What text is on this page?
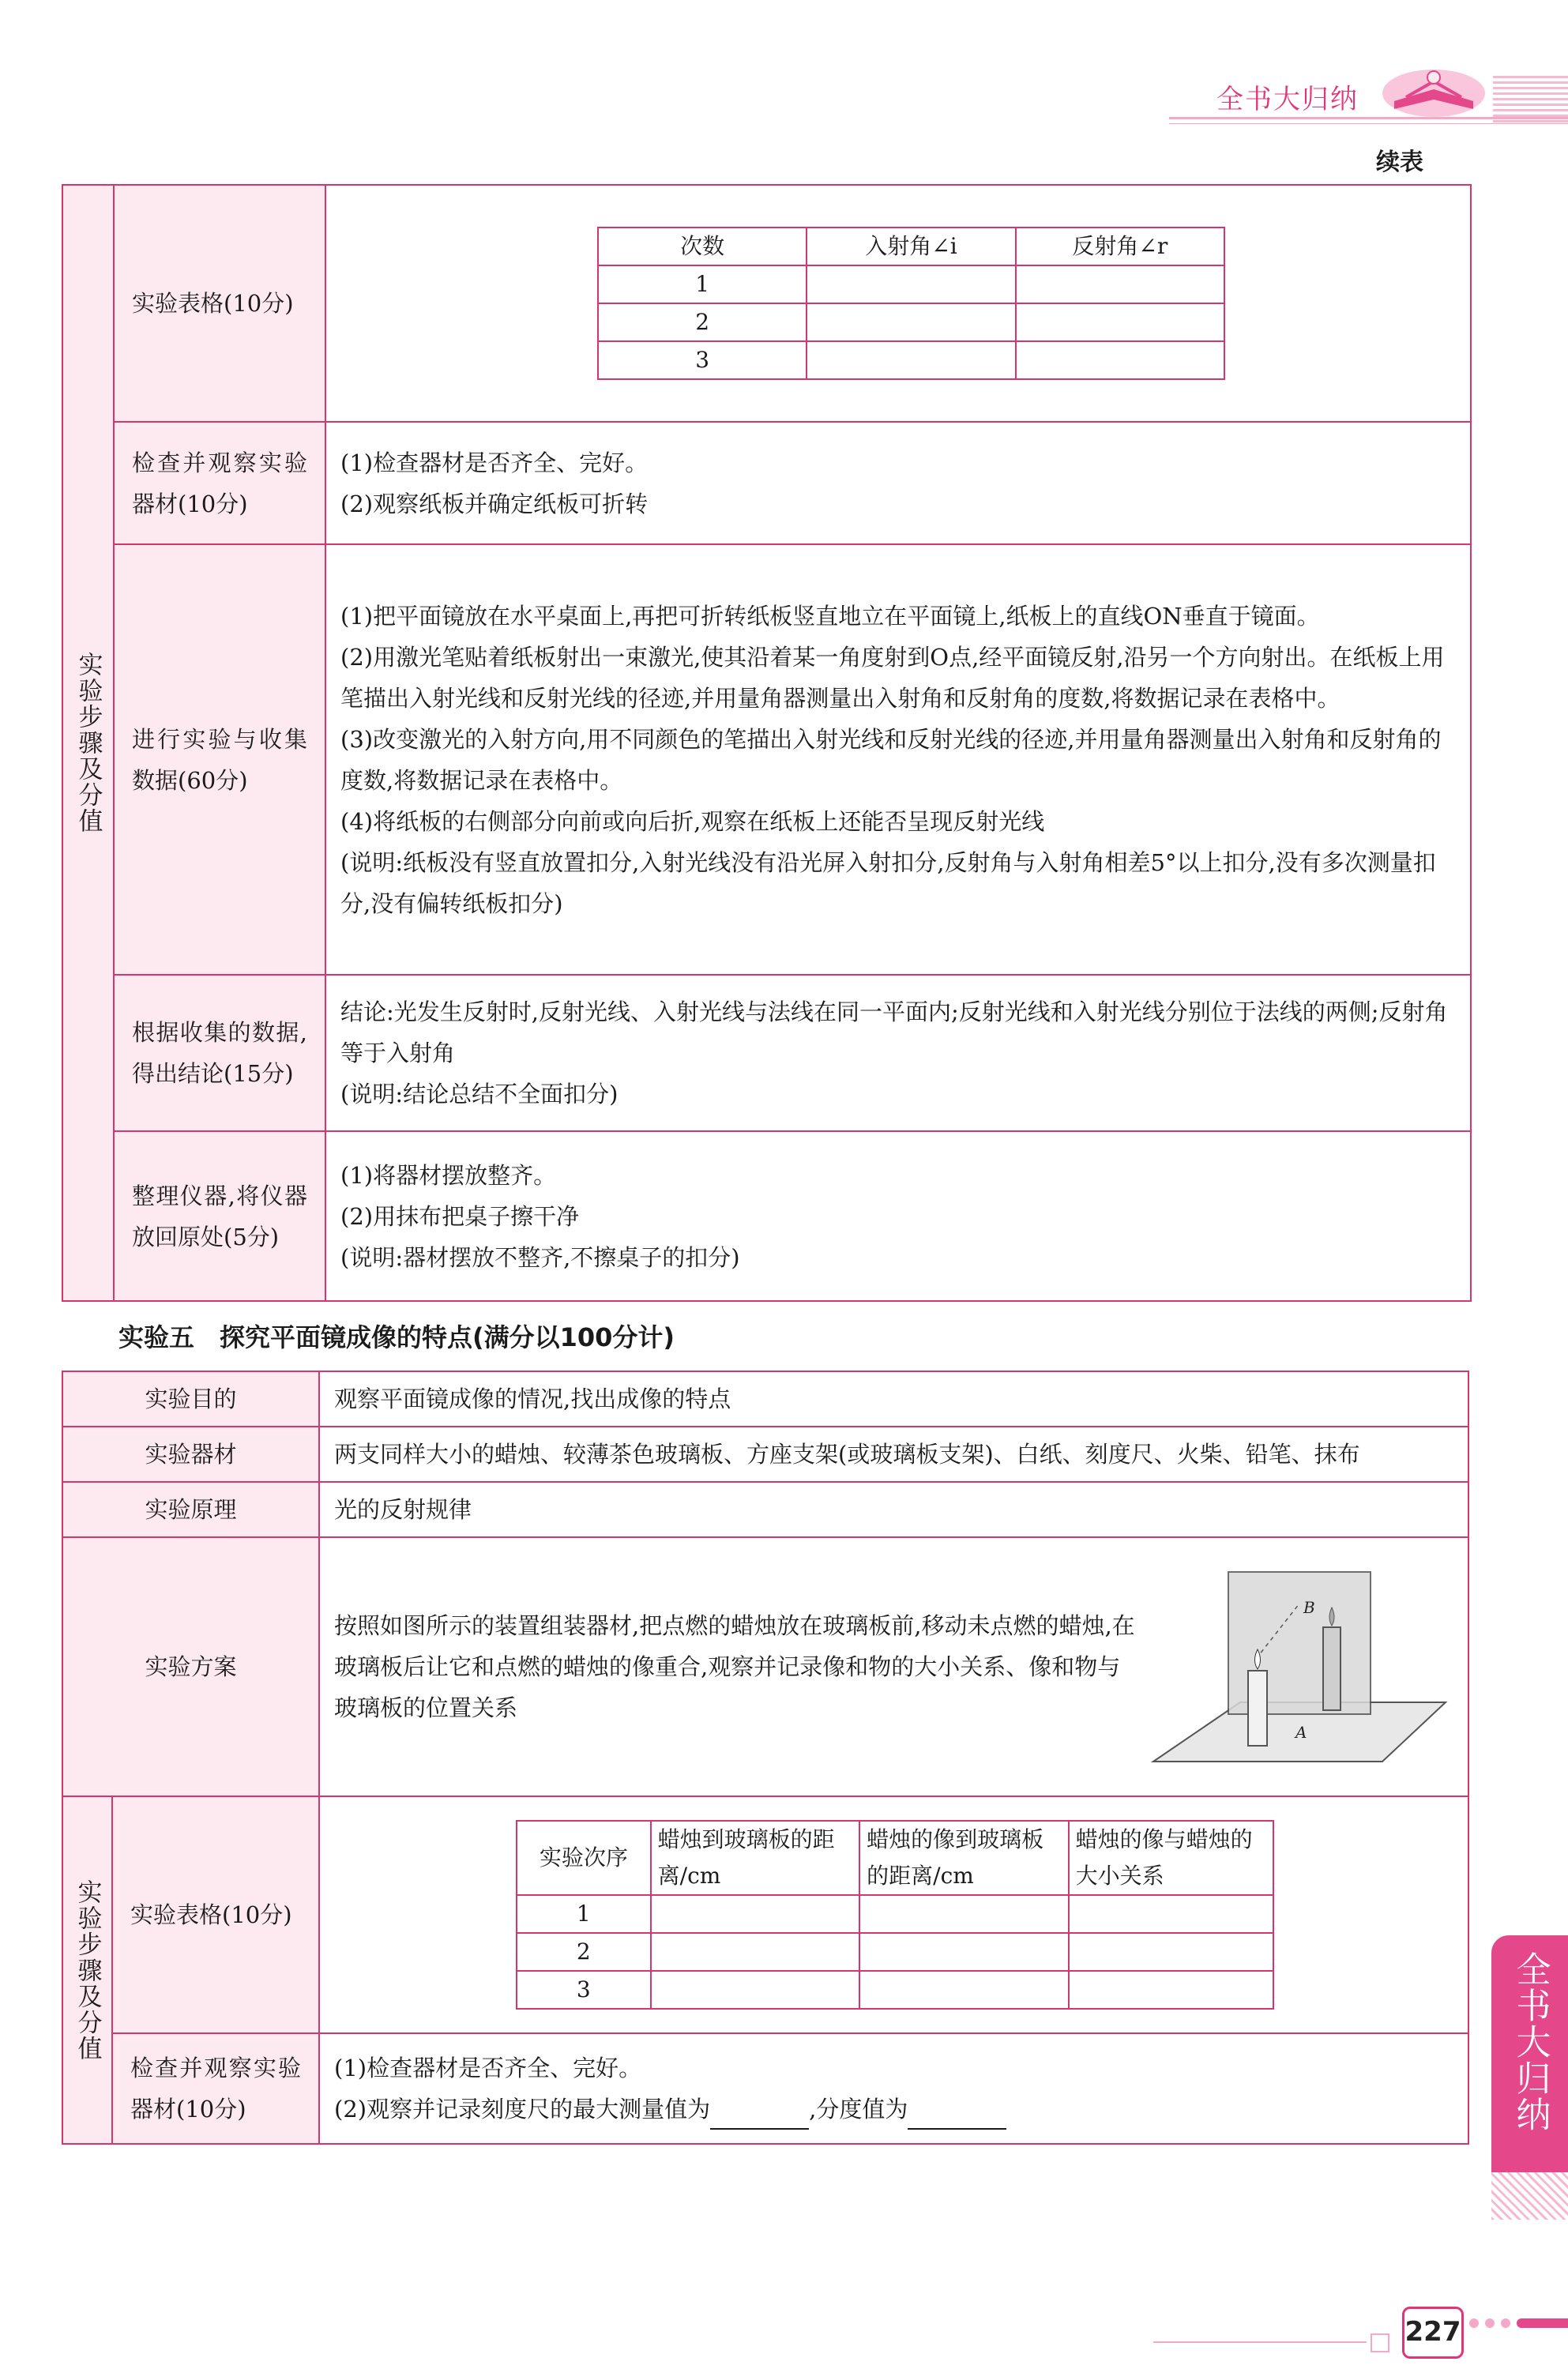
全书大归纳
续表
实验步骤及分值
	实验表格(10分)	
次数	入射角∠i	反射角∠r
1		
2		
3		

检查并观察实验器材(10分)	
(1)检查器材是否齐全、完好。
(2)观察纸板并确定纸板可折转

进行实验与收集数据(60分)	
(1)把平面镜放在水平桌面上,再把可折转纸板竖直地立在平面镜上,纸板上的直线ON垂直于镜面。
(2)用激光笔贴着纸板射出一束激光,使其沿着某一角度射到O点,经平面镜反射,沿另一个方向射出。在纸板上用笔描出入射光线和反射光线的径迹,并用量角器测量出入射角和反射角的度数,将数据记录在表格中。
(3)改变激光的入射方向,用不同颜色的笔描出入射光线和反射光线的径迹,并用量角器测量出入射角和反射角的度数,将数据记录在表格中。
(4)将纸板的右侧部分向前或向后折,观察在纸板上还能否呈现反射光线
(说明:纸板没有竖直放置扣分,入射光线没有沿光屏入射扣分,反射角与入射角相差5°以上扣分,没有多次测量扣分,没有偏转纸板扣分)

根据收集的数据,得出结论(15分)	
结论:光发生反射时,反射光线、入射光线与法线在同一平面内;反射光线和入射光线分别位于法线的两侧;反射角等于入射角
(说明:结论总结不全面扣分)

整理仪器,将仪器放回原处(5分)	
(1)将器材摆放整齐。
(2)用抹布把桌子擦干净
(说明:器材摆放不整齐,不擦桌子的扣分)
实验五　探究平面镜成像的特点(满分以100分计)
实验目的	观察平面镜成像的情况,找出成像的特点
实验器材	两支同样大小的蜡烛、较薄茶色玻璃板、方座支架(或玻璃板支架)、白纸、刻度尺、火柴、铅笔、抹布
实验原理	光的反射规律
实验方案	
按照如图所示的装置组装器材,把点燃的蜡烛放在玻璃板前,移动未点燃的蜡烛,在玻璃板后让它和点燃的蜡烛的像重合,观察并记录像和物的大小关系、像和物与玻璃板的位置关系
B
A

实验步骤及分值	实验表格(10分)	
实验次序	蜡烛到玻璃板的距离/cm	蜡烛的像到玻璃板的距离/cm	蜡烛的像与蜡烛的大小关系
1			
2			
3			

检查并观察实验器材(10分)	
(1)检查器材是否齐全、完好。
(2)观察并记录刻度尺的最大测量值为	,分度值为	全书大归纳
227
